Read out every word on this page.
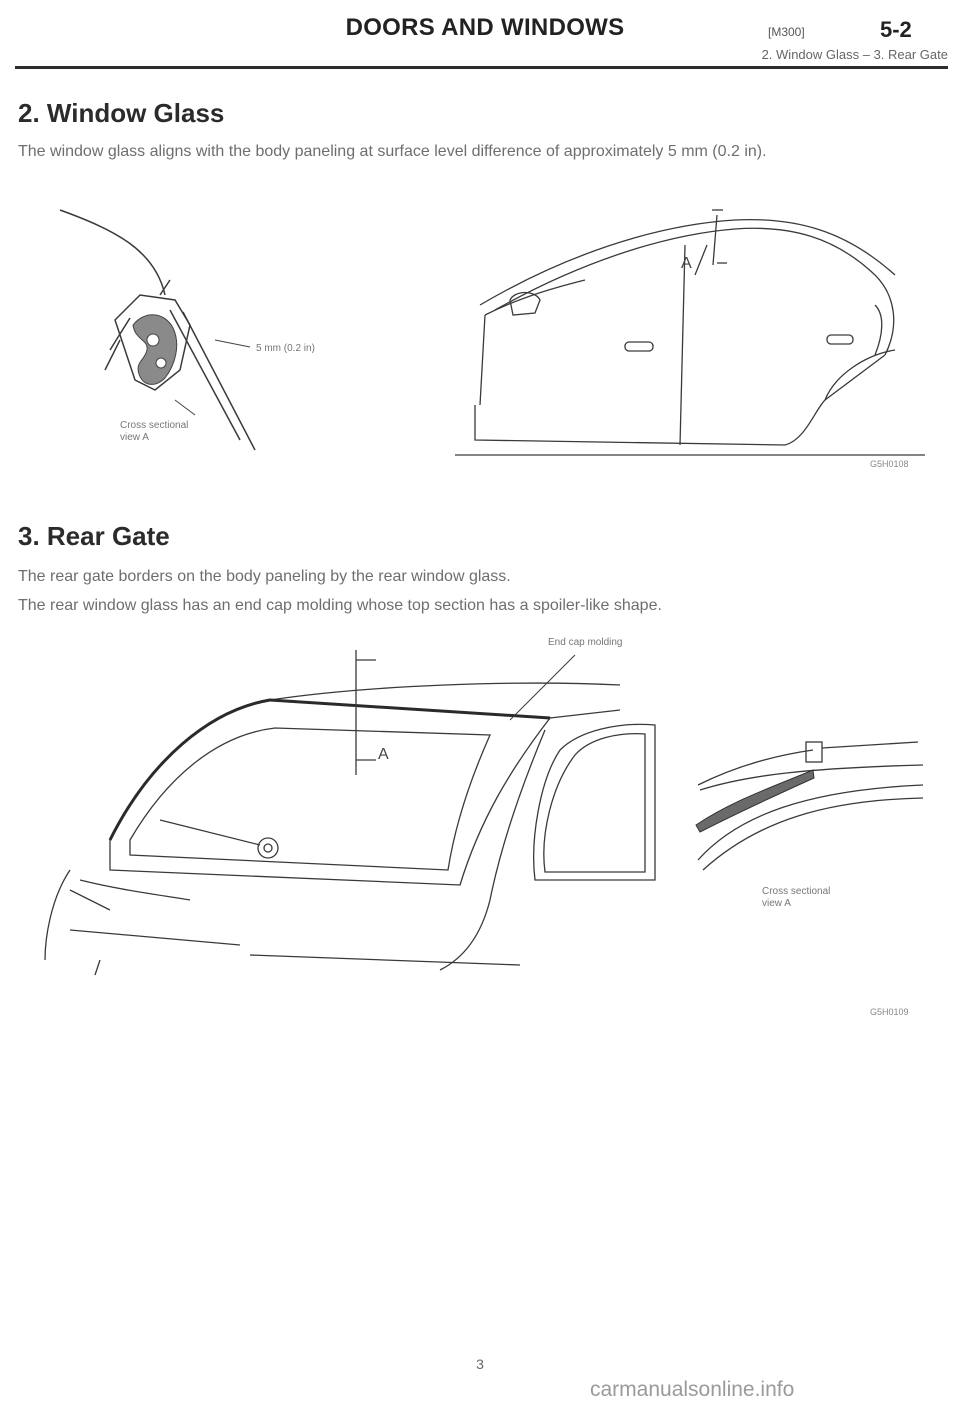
DOORS AND WINDOWS	[M300]	5-2
2. Window Glass – 3. Rear Gate
2. Window Glass
The window glass aligns with the body paneling at surface level difference of approximately 5 mm (0.2 in).
5 mm (0.2 in)
Cross sectional
view A
A
G5H0108
3. Rear Gate
The rear gate borders on the body paneling by the rear window glass.
The rear window glass has an end cap molding whose top section has a spoiler-like shape.
End cap molding
A
Cross sectional
view A
G5H0109
3
carmanualsonline.info
